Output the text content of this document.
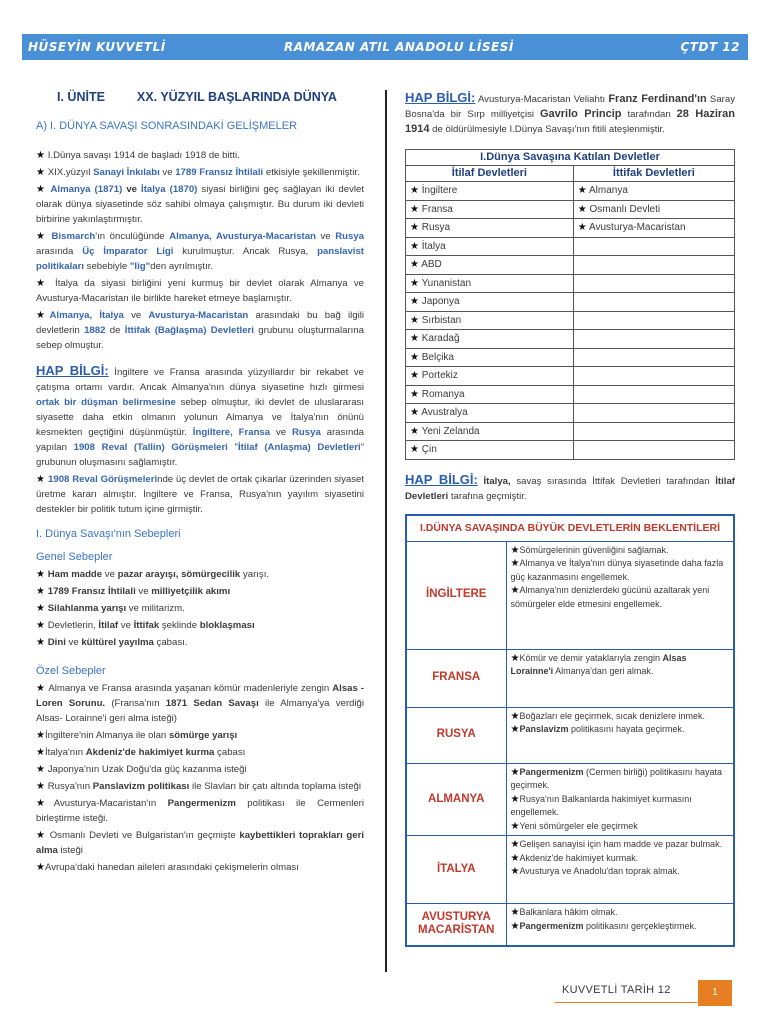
HÜSEYİN KUVVETLİ	RAMAZAN ATIL ANADOLU LİSESİ	ÇTDT 12
I. ÜNİTE	XX. YÜZYIL BAŞLARINDA DÜNYA
A) I. DÜNYA SAVAŞI SONRASINDAKİ GELİŞMELER

★ I.Dünya savaşı 1914 de başladı 1918 de bitti.

★ XIX.yüzyıl Sanayi İnkılabı ve 1789 Fransız İhtilali etkisiyle şekillenmiştir.

★ Almanya (1871) ve İtalya (1870) siyasi birliğini geç sağlayan iki devlet olarak dünya siyasetinde söz sahibi olmaya çalışmıştır. Bu durum iki devleti birbirine yakınlaştırmıştır.

★ Bismarch'ın önculüğünde Almanya, Avusturya-Macaristan ve Rusya arasında Üç İmparator Ligi kurulmuştur. Ancak Rusya, panslavist politikaları sebebiyle "lig"den ayrılmıştır.

★ İtalya da siyasi birliğini yeni kurmuş bir devlet olarak Almanya ve Avusturya-Macaristan ile birlikte hareket etmeye başlamıştır.

★Almanya, İtalya ve Avusturya-Macaristan arasındaki bu bağ ilgili devletlerin 1882 de İttifak (Bağlaşma) Devletleri grubunu oluşturmalarına sebep olmuştur.

HAP BİLGİ: İngiltere ve Fransa arasında yüzyıllardır bir rekabet ve çatışma ortamı vardır. Ancak Almanya'nın dünya siyasetine hızlı girmesi ortak bir düşman belirmesine sebep olmuştur, iki devlet de uluslararası siyasette daha etkin olmanın yolunun Almanya ve İtalya'nın önünü kesmekten geçtiğini düşünmüştür. İngiltere, Fransa ve Rusya arasında yapılan 1908 Reval (Tallin) Görüşmeleri "İtilaf (Anlaşma) Devletleri" grubunun oluşmasını sağlamıştır.

★ 1908 Reval Görüşmelerinde üç devlet de ortak çıkarlar üzerinden siyaset üretme kararı almıştır. İngiltere ve Fransa, Rusya'nın yayılım siyasetini destekler bir politik tutum içine girmiştir.

I. Dünya Savaşı'nın Sebepleri
Genel Sebepler

★ Ham madde ve pazar arayışı, sömürgecilik yarışı.

★ 1789 Fransız İhtilali ve milliyetçilik akımı

★ Silahlanma yarışı ve militarizm.

★ Devletlerin, İtilaf ve İttifak şeklinde bloklaşması

★ Dini ve kültürel yayılma çabası.

Özel Sebepler

★ Almanya ve Fransa arasında yaşanan kömür madenleriyle zengin Alsas - Loren Sorunu. (Fransa'nın 1871 Sedan Savaşı ile Almanya'ya verdiği Alsas- Lorainne'i geri alma isteği)

★İngiltere'nin Almanya ile olan sömürge yarışı

★İtalya'nın Akdeniz'de hakimiyet kurma çabası

★ Japonya'nın Uzak Doğu'da güç kazanma isteği

★ Rusya'nın Panslavizm politikası ile Slavları bir çatı altında toplama isteği

★Avusturya-Macaristan'ın Pangermenizm politikası ile Cermenleri birleştirme isteği.

★ Osmanlı Devleti ve Bulgaristan'ın geçmişte kaybettikleri toprakları geri alma isteği

★Avrupa'daki hanedan aileleri arasındaki çekişmelerin olması

HAP BİLGİ: Avusturya-Macaristan Veliahtı Franz Ferdinand'ın Saray Bosna'da bir Sırp milliyetçisi Gavrilo Princip tarafından 28 Haziran 1914 de öldürülmesiyle I.Dünya Savaşı'nın fitili ateşlenmiştir.

I.Dünya Savaşına Katılan Devletler	
İtilaf Devletleri	İttifak Devletleri
★ İngiltere	★ Almanya
★ Fransa	★ Osmanlı Devleti
★ Rusya	★ Avusturya-Macaristan
★ İtalya	
★ ABD	
★ Yunanistan	
★ Japonya	
★ Sırbistan	
★ Karadağ	
★ Belçika	
★ Portekiz	
★ Romanya	
★ Avustralya	
★ Yeni Zelanda	
★ Çin	

HAP BİLGİ: İtalya, savaş sırasında İttifak Devletleri tarafından İtilaf Devletleri tarafına geçmiştir.

I.DÜNYA SAVAŞINDA BÜYÜK DEVLETLERİN BEKLENTİLERİ	
İNGİLTERE	★Sömürgelerinin güvenliğini sağlamak.
★Almanya ve İtalya'nın dünya siyasetinde daha fazla güç kazanmasını engellemek.
★Almanya'nın denizlerdeki gücünü azaltarak yeni sömürgeler elde etmesini engellemek.

FRANSA	★Kömür ve demir yataklarıyla zengin Alsas Lorainne'i Almanya'dan geri almak.

RUSYA	★Boğazları ele geçirmek, sıcak denizlere inmek.
★Panslavizm politikasını hayata geçirmek.

ALMANYA	★Pangermenizm (Cermen birliği) politikasını hayata geçirmek.
★Rusya'nın Balkanlarda hakimiyet kurmasını engellemek.
★Yeni sömürgeler ele geçirmek

İTALYA	★Gelişen sanayisi için ham madde ve pazar bulmak.
★Akdeniz'de hakimiyet kurmak.
★Avusturya ve Anadolu'dan toprak almak.

AVUSTURYA MACARİSTAN	★Balkanlara hâkim olmak.
★Pangermenizm politikasını gerçekleştirmek.
KUVVETLİ TARİH 12	1
